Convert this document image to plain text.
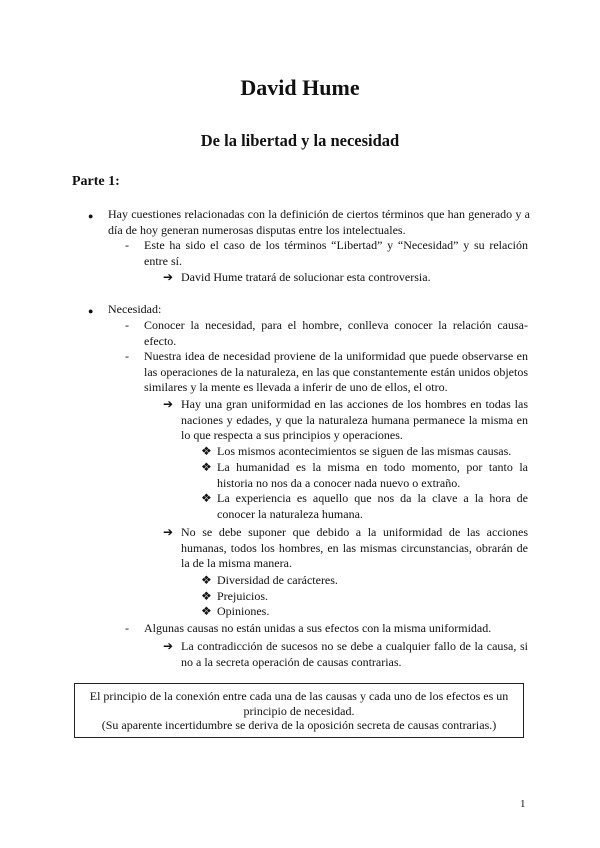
David Hume
De la libertad y la necesidad

Parte 1:

● Hay cuestiones relacionadas con la definición de ciertos términos que han generado y a día de hoy generan numerosas disputas entre los intelectuales.

- Este ha sido el caso de los términos “Libertad” y “Necesidad” y su relación entre sí.

➔ David Hume tratará de solucionar esta controversia.

● Necesidad:

- Conocer la necesidad, para el hombre, conlleva conocer la relación causa-efecto.

- Nuestra idea de necesidad proviene de la uniformidad que puede observarse en las operaciones de la naturaleza, en las que constantemente están unidos objetos similares y la mente es llevada a inferir de uno de ellos, el otro.

➔ Hay una gran uniformidad en las acciones de los hombres en todas las naciones y edades, y que la naturaleza humana permanece la misma en lo que respecta a sus principios y operaciones.

❖ Los mismos acontecimientos se siguen de las mismas causas.

❖ La humanidad es la misma en todo momento, por tanto la historia no nos da a conocer nada nuevo o extraño.

❖ La experiencia es aquello que nos da la clave a la hora de conocer la naturaleza humana.

➔ No se debe suponer que debido a la uniformidad de las acciones humanas, todos los hombres, en las mismas circunstancias, obrarán de la de la misma manera.

❖ Diversidad de carácteres.

❖ Prejuicios.

❖ Opiniones.

- Algunas causas no están unidas a sus efectos con la misma uniformidad.

➔ La contradicción de sucesos no se debe a cualquier fallo de la causa, si no a la secreta operación de causas contrarias.

El principio de la conexión entre cada una de las causas y cada uno de los efectos es un principio de necesidad.

(Su aparente incertidumbre se deriva de la oposición secreta de causas contrarias.)

1
